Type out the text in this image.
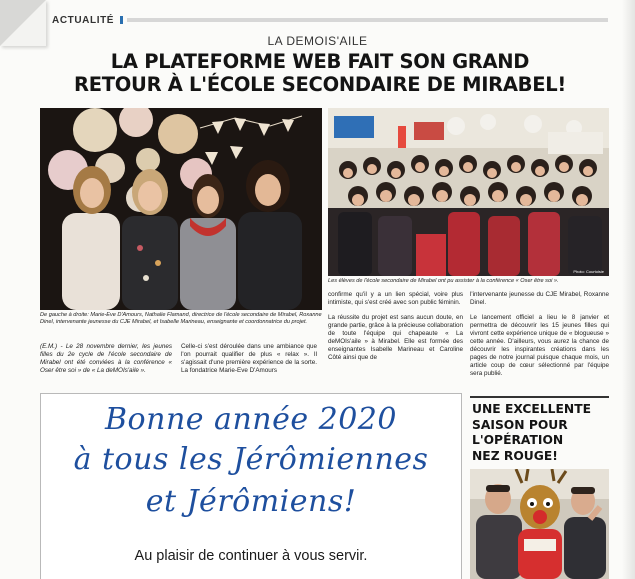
ACTUALITÉ
LA DEMOIS'AILE
LA PLATEFORME WEB FAIT SON GRAND
RETOUR À L'ÉCOLE SECONDAIRE DE MIRABEL!
Photo: Courtoisie
De gauche à droite: Marie-Eve D'Amours, Nathalie Flamand, directrice de l'école secondaire de Mirabel, Roxanne Dinel, intervenante jeunesse du CJE Mirabel, et Isabelle Marineau, enseignante et coordonnatrice du projet.
Les élèves de l'école secondaire de Mirabel ont pu assister à la conférence « Oser être soi ».

(E.M.) - Le 28 novembre dernier, les jeunes filles du 2e cycle de l'école secondaire de Mirabel ont été conviées à la conférence « Oser être soi » de « La deMOIs'aile ».

Celle-ci s'est déroulée dans une ambiance que l'on pourrait qualifier de plus « relax ». Il s'agissait d'une première expérience de la sorte. La fondatrice Marie-Eve D'Amours

confirme qu'il y a un lien spécial, voire plus intimiste, qui s'est créé avec son public féminin.

La réussite du projet est sans aucun doute, en grande partie, grâce à la précieuse collaboration de toute l'équipe qui chapeaute « La deMOIs'aile » à Mirabel. Elle est formée des enseignantes Isabelle Marineau et Caroline Côté ainsi que de

l'intervenante jeunesse du CJE Mirabel, Roxanne Dinel.

Le lancement officiel a lieu le 8 janvier et permettra de découvrir les 15 jeunes filles qui vivront cette expérience unique de « blogueuse » cette année. D'ailleurs, vous aurez la chance de découvrir les inspirantes créations dans les pages de notre journal puisque chaque mois, un article coup de cœur sélectionné par l'équipe sera publié.

Bonne année 2020
à tous les Jérômiennes
et Jérômiens!
Au plaisir de continuer à vous servir.
UNE EXCELLENTE
SAISON POUR
L'OPÉRATION
NEZ ROUGE!
